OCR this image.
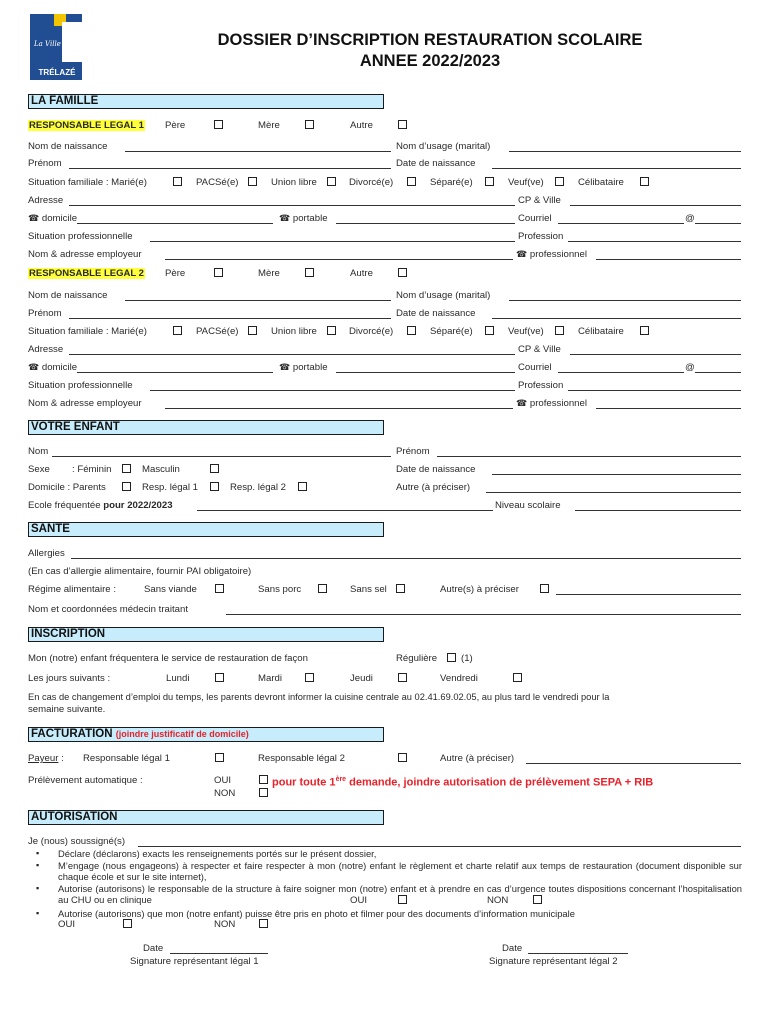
La Ville
TRÉLAZÉ
DOSSIER D’INSCRIPTION RESTAURATION SCOLAIRE
ANNEE 2022/2023
LA FAMILLE
RESPONSABLE LEGAL 1 Père	Mère	Autre
Nom de naissance	Nom d’usage (marital)
Prénom	Date de naissance
Situation familiale : Marié(e)	PACSé(e)	Union libre	Divorcé(e)	Séparé(e)	Veuf(ve)	Célibataire
Adresse	CP & Ville
☎ domicile	☎ portable	Courriel	@
Situation professionnelle	Profession
Nom & adresse employeur	☎ professionnel
RESPONSABLE LEGAL 2 Père	Mère	Autre
Nom de naissance	Nom d’usage (marital)
Prénom	Date de naissance
Situation familiale : Marié(e)	PACSé(e)	Union libre	Divorcé(e)	Séparé(e)	Veuf(ve)	Célibataire
Adresse	CP & Ville
☎ domicile	☎ portable	Courriel	@
Situation professionnelle	Profession
Nom & adresse employeur	☎ professionnel
VOTRE ENFANT
Nom	Prénom
Sexe : Féminin	Masculin	Date de naissance
Domicile : Parents	Resp. légal 1	Resp. légal 2	Autre (à préciser)
Ecole fréquentée pour 2022/2023	Niveau scolaire
SANTE
Allergies
(En cas d’allergie alimentaire, fournir PAI obligatoire)
Régime alimentaire :	Sans viande	Sans porc	Sans sel	Autre(s) à préciser
Nom et coordonnées médecin traitant
INSCRIPTION
Mon (notre) enfant fréquentera le service de restauration de façon	Régulière (1)
Les jours suivants :	Lundi	Mardi	Jeudi	Vendredi
En cas de changement d’emploi du temps, les parents devront informer la cuisine centrale au 02.41.69.02.05, au plus tard le vendredi pour la
semaine suivante.
FACTURATION (joindre justificatif de domicile)
Payeur : Responsable légal 1	Responsable légal 2	Autre (à préciser)
Prélèvement automatique :	OUI	pour toute 1ère demande, joindre autorisation de prélèvement SEPA + RIB
NON
AUTORISATION
Je (nous) soussigné(s)
▪ Déclare (déclarons) exacts les renseignements portés sur le présent dossier,
▪ M’engage (nous engageons) à respecter et faire respecter à mon (notre) enfant le règlement et charte relatif aux temps de restauration (document disponible sur chaque école et sur le site internet),
▪ Autorise (autorisons) le responsable de la structure à faire soigner mon (notre) enfant et à prendre en cas d’urgence toutes dispositions concernant l’hospitalisation au CHU ou en clinique	OUI	NON
▪ Autorise (autorisons) que mon (notre enfant) puisse être pris en photo et filmer pour des documents d’information municipale
OUI	NON
Date
Signature représentant légal 1
Date
Signature représentant légal 2
